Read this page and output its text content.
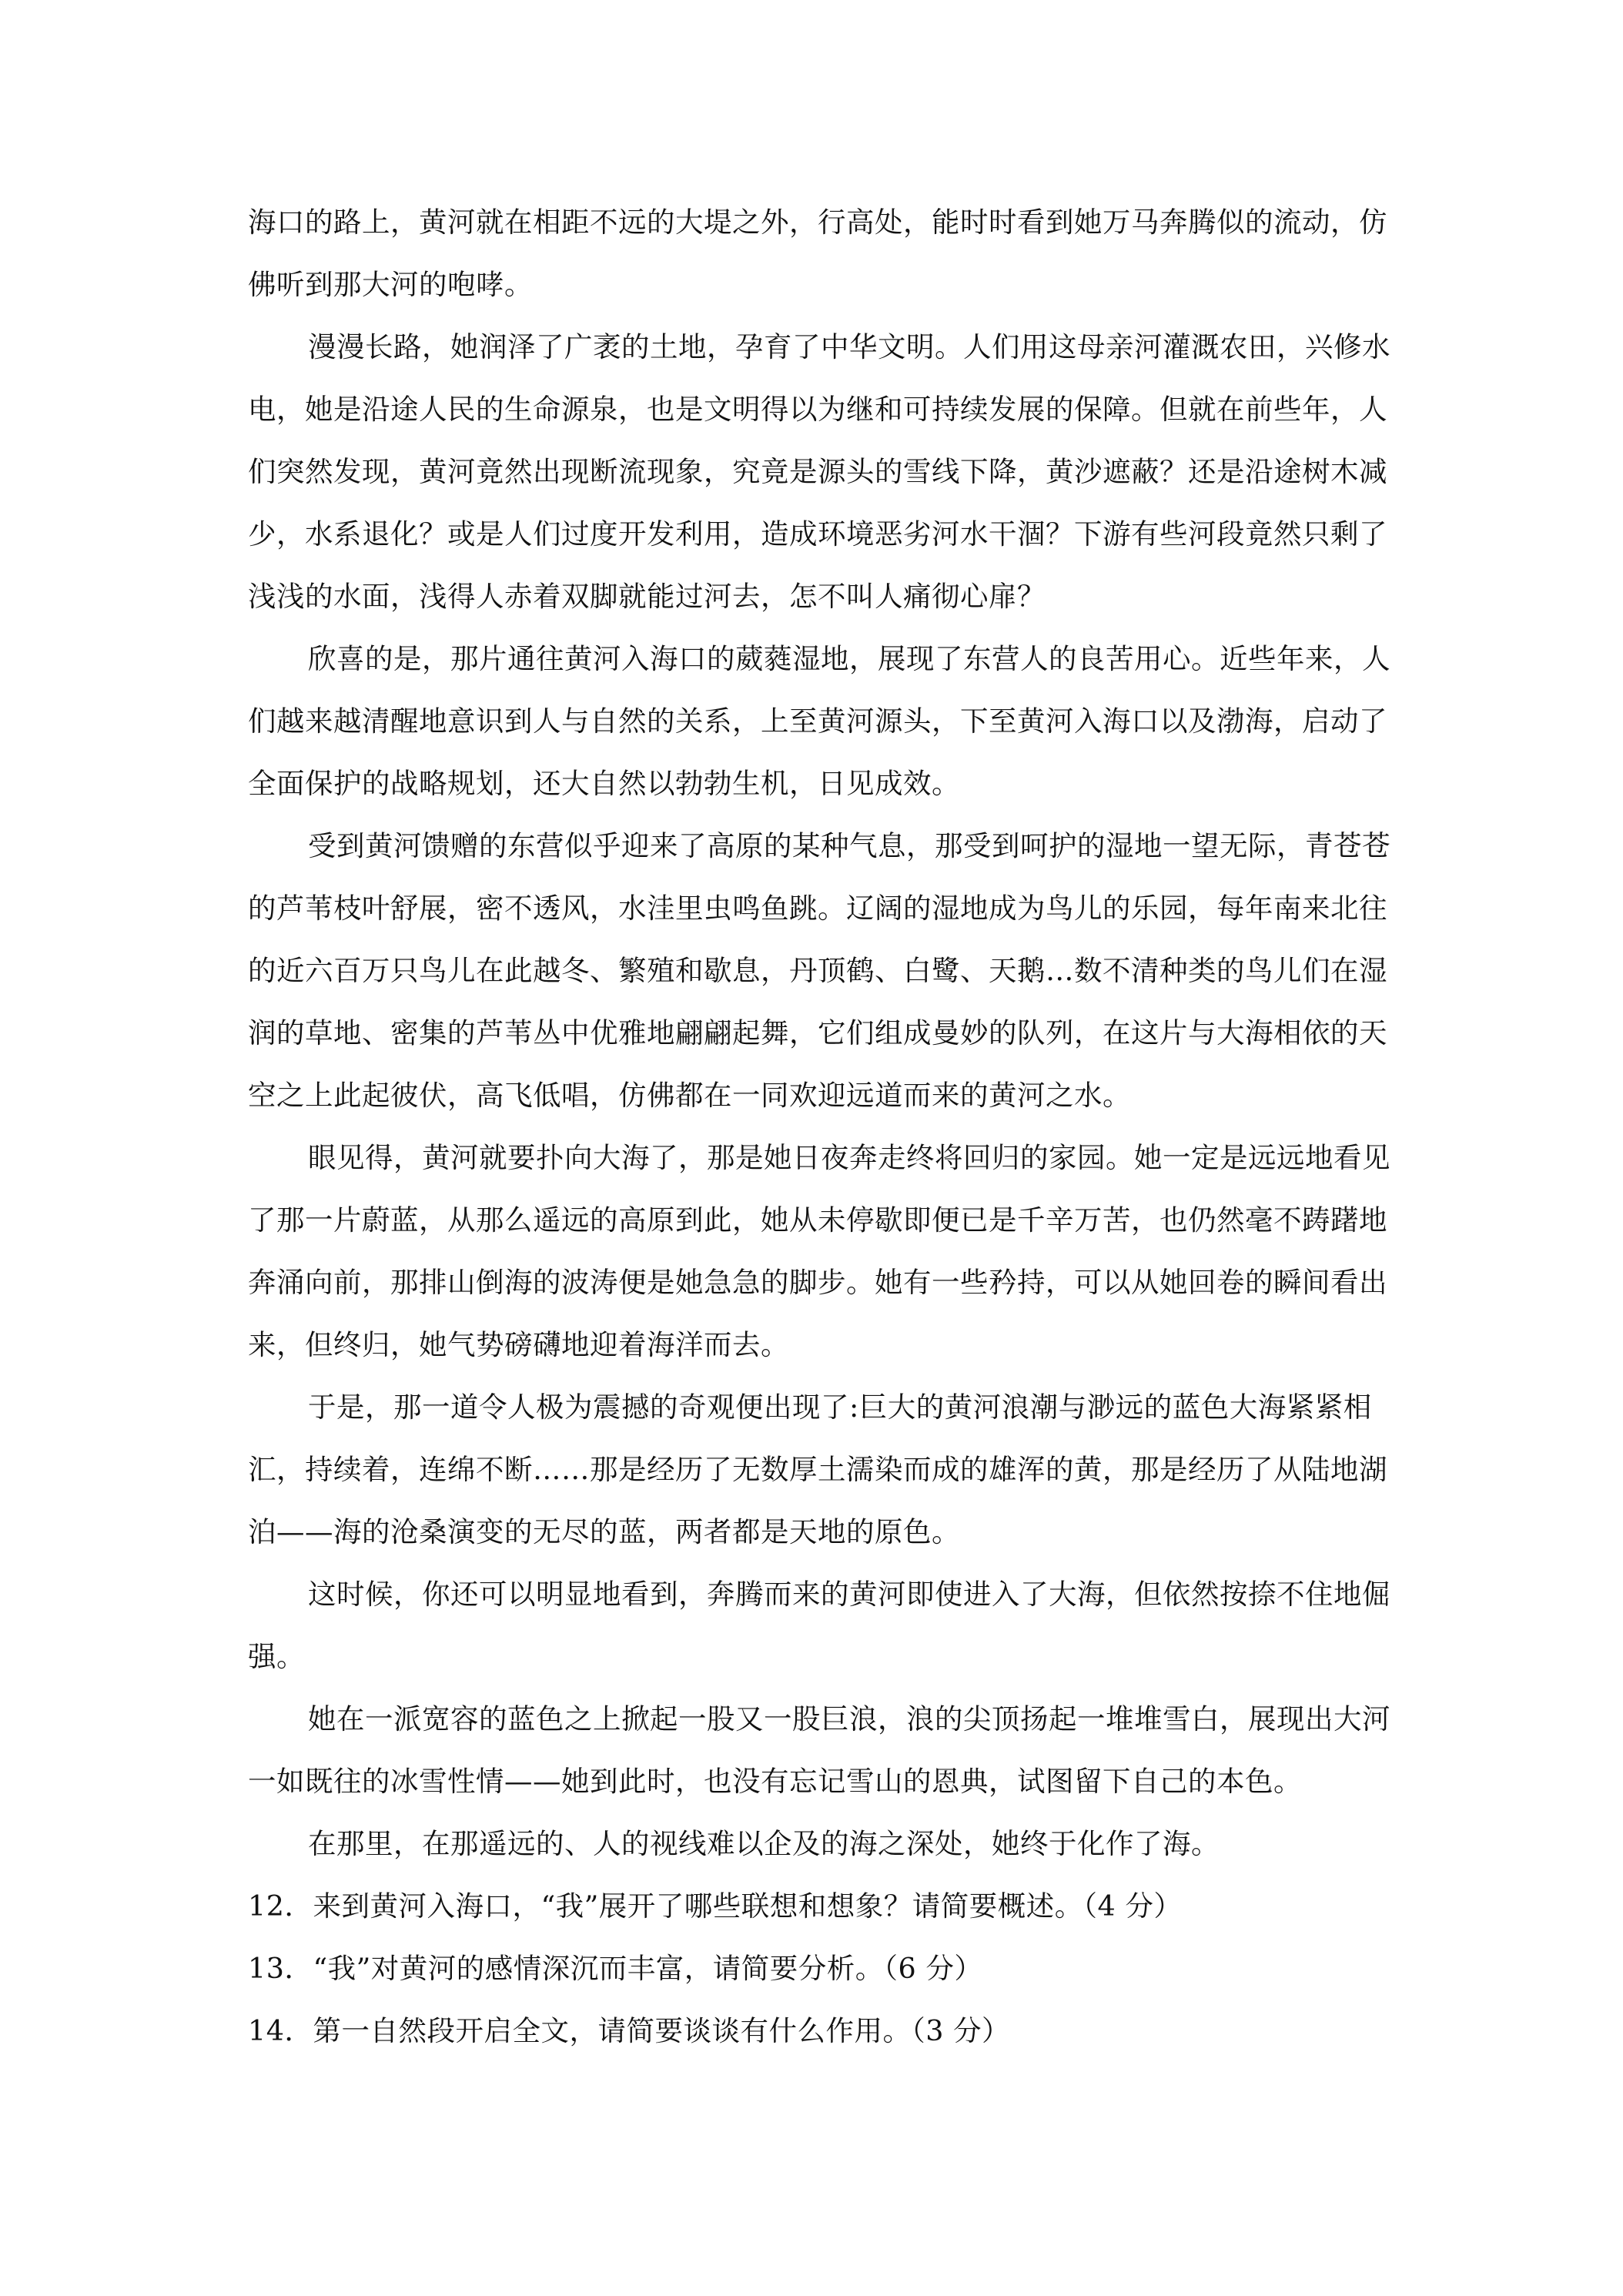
海口的路上，黄河就在相距不远的大堤之外，行高处，能时时看到她万马奔腾似的流动，仿
佛听到那大河的咆哮。
漫漫长路，她润泽了广袤的土地，孕育了中华文明。人们用这母亲河灌溉农田，兴修水
电，她是沿途人民的生命源泉，也是文明得以为继和可持续发展的保障。但就在前些年，人
们突然发现，黄河竟然出现断流现象，究竟是源头的雪线下降，黄沙遮蔽？还是沿途树木减
少，水系退化？或是人们过度开发利用，造成环境恶劣河水干涸？下游有些河段竟然只剩了
浅浅的水面，浅得人赤着双脚就能过河去，怎不叫人痛彻心扉？
欣喜的是，那片通往黄河入海口的葳蕤湿地，展现了东营人的良苦用心。近些年来，人
们越来越清醒地意识到人与自然的关系，上至黄河源头，下至黄河入海口以及渤海，启动了
全面保护的战略规划，还大自然以勃勃生机，日见成效。
受到黄河馈赠的东营似乎迎来了高原的某种气息，那受到呵护的湿地一望无际，青苍苍
的芦苇枝叶舒展，密不透风，水洼里虫鸣鱼跳。辽阔的湿地成为鸟儿的乐园，每年南来北往
的近六百万只鸟儿在此越冬、繁殖和歇息，丹顶鹤、白鹭、天鹅…数不清种类的鸟儿们在湿
润的草地、密集的芦苇丛中优雅地翩翩起舞，它们组成曼妙的队列，在这片与大海相依的天
空之上此起彼伏，高飞低唱，仿佛都在一同欢迎远道而来的黄河之水。
眼见得，黄河就要扑向大海了，那是她日夜奔走终将回归的家园。她一定是远远地看见
了那一片蔚蓝，从那么遥远的高原到此，她从未停歇即便已是千辛万苦，也仍然毫不踌躇地
奔涌向前，那排山倒海的波涛便是她急急的脚步。她有一些矜持，可以从她回卷的瞬间看出
来，但终归，她气势磅礴地迎着海洋而去。
于是，那一道令人极为震撼的奇观便出现了:巨大的黄河浪潮与渺远的蓝色大海紧紧相
汇，持续着，连绵不断……那是经历了无数厚土濡染而成的雄浑的黄，那是经历了从陆地湖
泊——海的沧桑演变的无尽的蓝，两者都是天地的原色。
这时候，你还可以明显地看到，奔腾而来的黄河即使进入了大海，但依然按捺不住地倔
强。
她在一派宽容的蓝色之上掀起一股又一股巨浪，浪的尖顶扬起一堆堆雪白，展现出大河
一如既往的冰雪性情——她到此时，也没有忘记雪山的恩典，试图留下自己的本色。
在那里，在那遥远的、人的视线难以企及的海之深处，她终于化作了海。
12．来到黄河入海口，“我”展开了哪些联想和想象？请简要概述。（4 分）
13．“我”对黄河的感情深沉而丰富，请简要分析。（6 分）
14．第一自然段开启全文，请简要谈谈有什么作用。（3 分）
